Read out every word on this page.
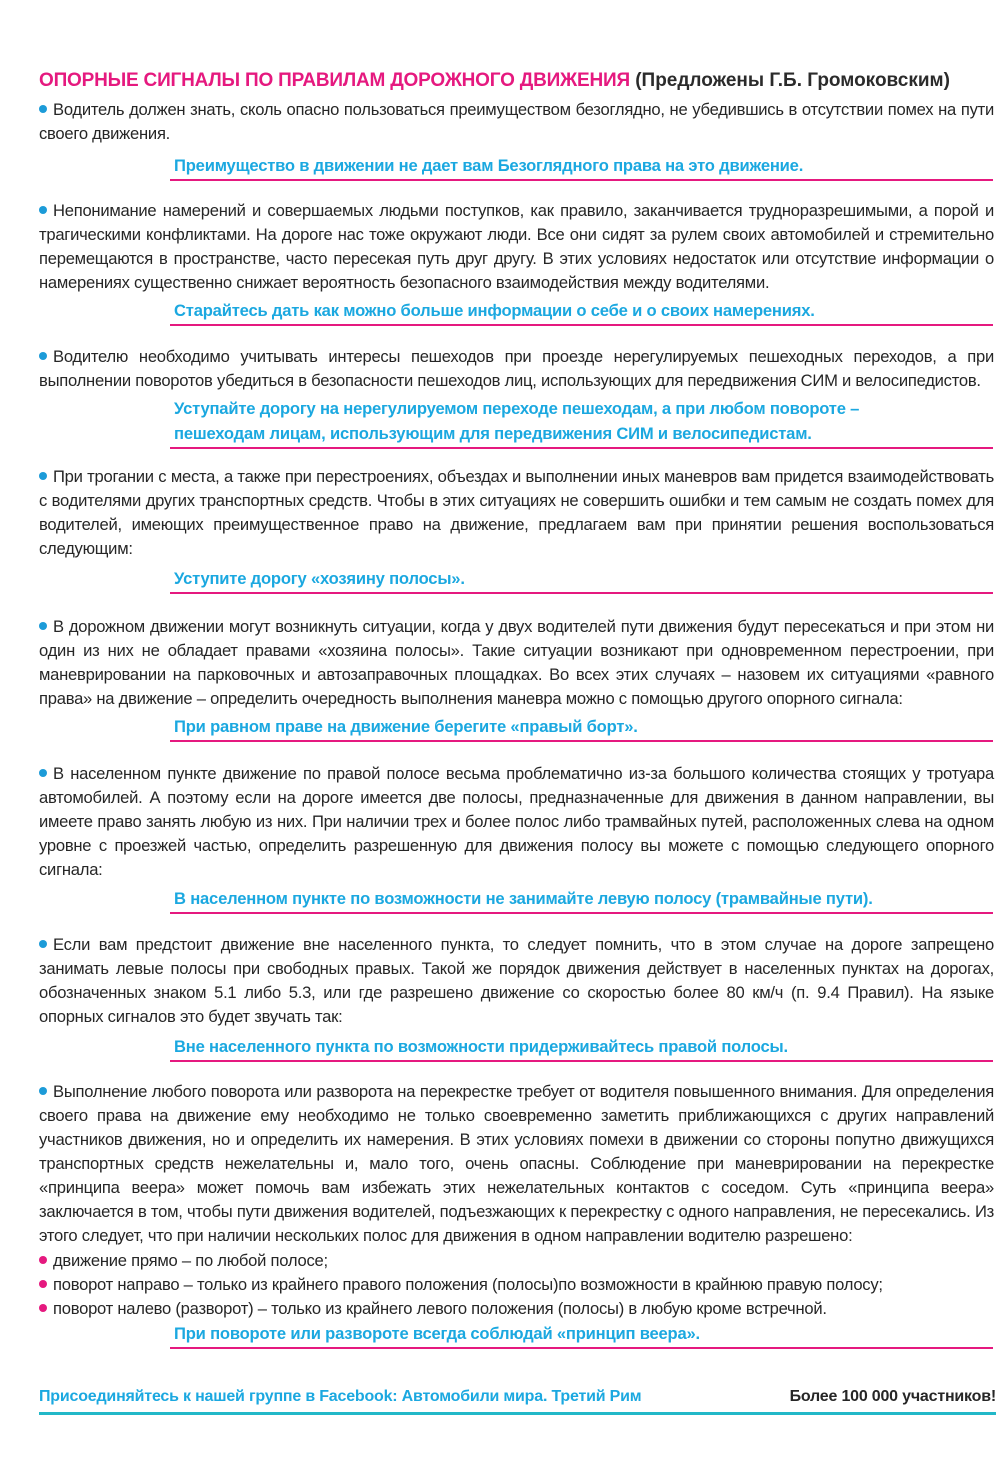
ОПОРНЫЕ СИГНАЛЫ ПО ПРАВИЛАМ ДОРОЖНОГО ДВИЖЕНИЯ (Предложены Г.Б. Громоковским)

Водитель должен знать, сколь опасно пользоваться преимуществом безоглядно, не убедившись в отсутствии помех на пути своего движения.

Преимущество в движении не дает вам Безоглядного права на это движение.

Непонимание намерений и совершаемых людьми поступков, как правило, заканчивается трудноразрешимыми, а порой и трагическими конфликтами. На дороге нас тоже окружают люди. Все они сидят за рулем своих автомобилей и стремительно перемещаются в пространстве, часто пересекая путь друг другу. В этих условиях недостаток или отсутствие информации о намерениях существенно снижает вероятность безопасного взаимодействия между водителями.

Старайтесь дать как можно больше информации о себе и о своих намерениях.

Водителю необходимо учитывать интересы пешеходов при проезде нерегулируемых пешеходных переходов, а при выполнении поворотов убедиться в безопасности пешеходов лиц, использующих для передвижения СИМ и велосипедистов.

Уступайте дорогу на нерегулируемом переходе пешеходам, а при любом повороте – пешеходам лицам, использующим для передвижения СИМ и велосипедистам.

При трогании с места, а также при перестроениях, объездах и выполнении иных маневров вам придется взаимодействовать с водителями других транспортных средств. Чтобы в этих ситуациях не совершить ошибки и тем самым не создать помех для водителей, имеющих преимущественное право на движение, предлагаем вам при принятии решения воспользоваться следующим:

Уступите дорогу «хозяину полосы».

В дорожном движении могут возникнуть ситуации, когда у двух водителей пути движения будут пересекаться и при этом ни один из них не обладает правами «хозяина полосы». Такие ситуации возникают при одновременном перестроении, при маневрировании на парковочных и автозаправочных площадках. Во всех этих случаях – назовем их ситуациями «равного права» на движение – определить очередность выполнения маневра можно с помощью другого опорного сигнала:

При равном праве на движение берегите «правый борт».

В населенном пункте движение по правой полосе весьма проблематично из-за большого количества стоящих у тротуара автомобилей. А поэтому если на дороге имеется две полосы, предназначенные для движения в данном направлении, вы имеете право занять любую из них. При наличии трех и более полос либо трамвайных путей, расположенных слева на одном уровне с проезжей частью, определить разрешенную для движения полосу вы можете с помощью следующего опорного сигнала:

В населенном пункте по возможности не занимайте левую полосу (трамвайные пути).

Если вам предстоит движение вне населенного пункта, то следует помнить, что в этом случае на дороге запрещено занимать левые полосы при свободных правых. Такой же порядок движения действует в населенных пунктах на дорогах, обозначенных знаком 5.1 либо 5.3, или где разрешено движение со скоростью более 80 км/ч (п. 9.4 Правил). На языке опорных сигналов это будет звучать так:

Вне населенного пункта по возможности придерживайтесь правой полосы.

Выполнение любого поворота или разворота на перекрестке требует от водителя повышенного внимания. Для определения своего права на движение ему необходимо не только своевременно заметить приближающихся с других направлений участников движения, но и определить их намерения. В этих условиях помехи в движении со стороны попутно движущихся транспортных средств нежелательны и, мало того, очень опасны. Соблюдение при маневрировании на перекрестке «принципа веера» может помочь вам избежать этих нежелательных контактов с соседом. Суть «принципа веера» заключается в том, чтобы пути движения водителей, подъезжающих к перекрестку с одного направления, не пересекались. Из этого следует, что при наличии нескольких полос для движения в одном направлении водителю разрешено:

движение прямо – по любой полосе;
поворот направо – только из крайнего правого положения (полосы)по возможности в крайнюю правую полосу;
поворот налево (разворот) – только из крайнего левого положения (полосы) в любую кроме встречной.
При повороте или развороте всегда соблюдай «принцип веера».
Присоединяйтесь к нашей группе в Facebook: Автомобили мира. Третий Рим	Более 100 000 участников!
